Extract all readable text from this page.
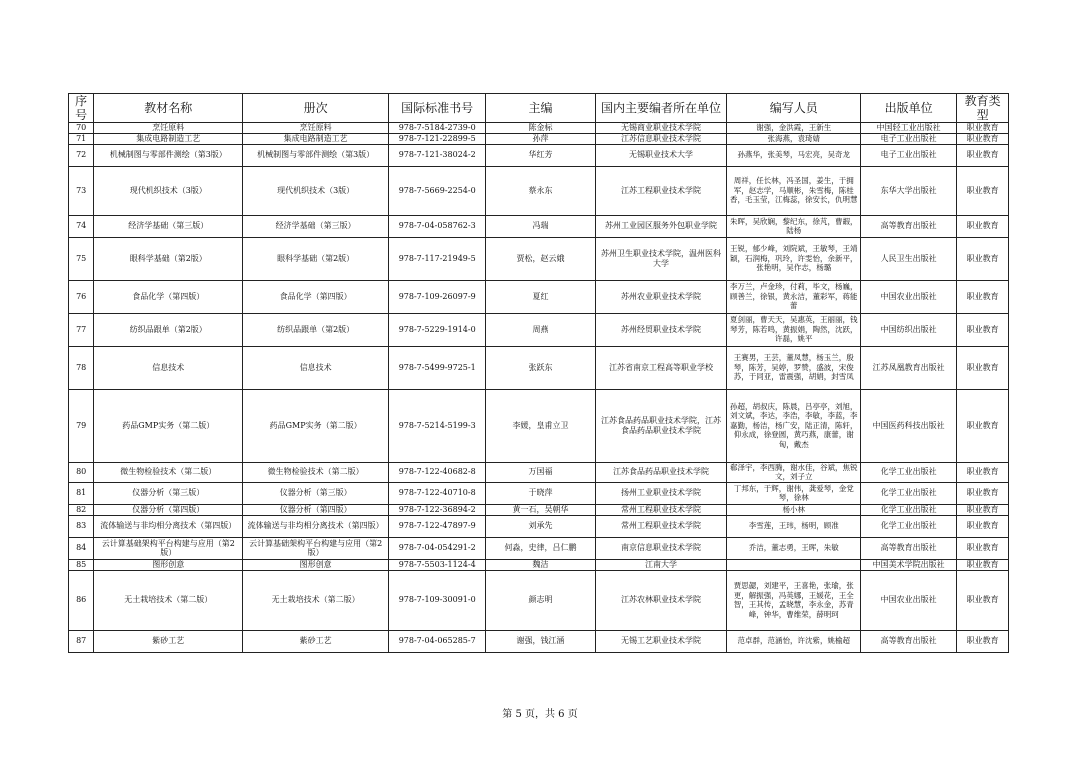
序号	教材名称	册次	国际标准书号	主编	国内主要编者所在单位	编写人员	出版单位	教育类型
70	烹饪原料	烹饪原料	978-7-5184-2739-0	陈金标	无锡商业职业技术学院	谢强，金洪霞，王新生	中国轻工业出版社	职业教育
71	集成电路制造工艺	集成电路制造工艺	978-7-121-22899-5	孙萍	江苏信息职业技术学院	张海燕，袁琦婧	电子工业出版社	职业教育
72	机械制图与零部件测绘（第3版）	机械制图与零部件测绘（第3版）	978-7-121-38024-2	华红芳	无锡职业技术大学	孙燕华，张美琴，马宏亮，吴奇龙	电子工业出版社	职业教育
73	现代机织技术（3版）	现代机织技术（3版）	978-7-5669-2254-0	蔡永东	江苏工程职业技术学院	周祥，任长林，冯圣国，姜生，于拥军，赵志学，马顺彬，朱雪梅，陈桂香，毛玉莹，江梅蕊，徐安长，仇明慧	东华大学出版社	职业教育
74	经济学基础（第三版）	经济学基础（第三版）	978-7-04-058762-3	冯瑞	苏州工业园区服务外包职业学院	朱晖，吴欣娴，黎纪东，徐芃，曹嘏，陆杨	高等教育出版社	职业教育
75	眼科学基础（第2版）	眼科学基础（第2版）	978-7-117-21949-5	贾松，赵云娥	苏州卫生职业技术学院，温州医科大学	王锐，郁少峰，刘院斌，王敏琴，王靖颖，石润梅，巩玲，许雯怡，余新平，张艳明，吴作志，杨璐	人民卫生出版社	职业教育
76	食品化学（第四版）	食品化学（第四版）	978-7-109-26097-9	夏红	苏州农业职业技术学院	李万兰，卢金珍，付莉，毕文，杨巍，顾善兰，徐银，黄永洁，董彩军，蒋能蕾	中国农业出版社	职业教育
77	纺织品跟单（第2版）	纺织品跟单（第2版）	978-7-5229-1914-0	周燕	苏州经贸职业技术学院	夏剑丽，曹天天，吴惠英，王丽丽，钱琴芳，陈若鸣，黄振娟，陶然，沈跃，许磊，姚平	中国纺织出版社	职业教育
78	信息技术	信息技术	978-7-5499-9725-1	张跃东	江苏省南京工程高等职业学校	王赛男，王芸，董凤慧，杨玉兰，殷琴，陈芳，吴婷，罗赞，盛波，宋俊苏，于同亚，雷震强，胡娟，封雪凤	江苏凤凰教育出版社	职业教育
79	药品GMP实务（第二版）	药品GMP实务（第二版）	978-7-5214-5199-3	李媛，皇甫立卫	江苏食品药品职业技术学院，江苏食品药品职业技术学院	孙超，胡叔庆，陈晨，吕亭亭，刘旭，刘文斌，李达，李浩，李敏，李蓝，李嘉勤，杨洁，杨广安，陆正清，陈轩，仰永成，徐登圆，黄巧燕，康蕾，谢匈，戴杰	中国医药科技出版社	职业教育
80	微生物检验技术（第二版）	微生物检验技术（第二版）	978-7-122-40682-8	万国福	江苏食品药品职业技术学院	郗泽宇，李西腾，谢水佳，谷斌，焦锐文，刘子立	化学工业出版社	职业教育
81	仪器分析（第三版）	仪器分析（第三版）	978-7-122-40710-8	于晓萍	扬州工业职业技术学院	丁邦东，于辉，谢伟，龚爱琴，金党琴，徐林	化学工业出版社	职业教育
82	仪器分析（第四版）	仪器分析（第四版）	978-7-122-36894-2	黄一石，吴朝华	常州工程职业技术学院	杨小林	化学工业出版社	职业教育
83	流体输送与非均相分离技术（第四版）	流体输送与非均相分离技术（第四版）	978-7-122-47897-9	刘承先	常州工程职业技术学院	李雪莲，王玮，杨明，顾准	化学工业出版社	职业教育
84	云计算基础架构平台构建与应用（第2版）	云计算基础架构平台构建与应用（第2版）	978-7-04-054291-2	何淼，史律，吕仁鹏	南京信息职业技术学院	乔洁，董志勇，王晖，朱敏	高等教育出版社	职业教育
85	图形创意	图形创意	978-7-5503-1124-4	魏洁	江南大学		中国美术学院出版社	职业教育
86	无土栽培技术（第二版）	无土栽培技术（第二版）	978-7-109-30091-0	颜志明	江苏农林职业技术学院	贾思勰，刘建平，王喜艳，张瑜，张更，解振强，冯英娜，王媛花，王全智，王其传，孟晓慧，李永金，苏青峰，钟华，曹维荣，薛明珂	中国农业出版社	职业教育
87	紫砂工艺	紫砂工艺	978-7-04-065285-7	谢强，钱江涵	无锡工艺职业技术学院	范卓群，范涵怡，许沈紫，姚榆超	高等教育出版社	职业教育
第 5 页，共 6 页
